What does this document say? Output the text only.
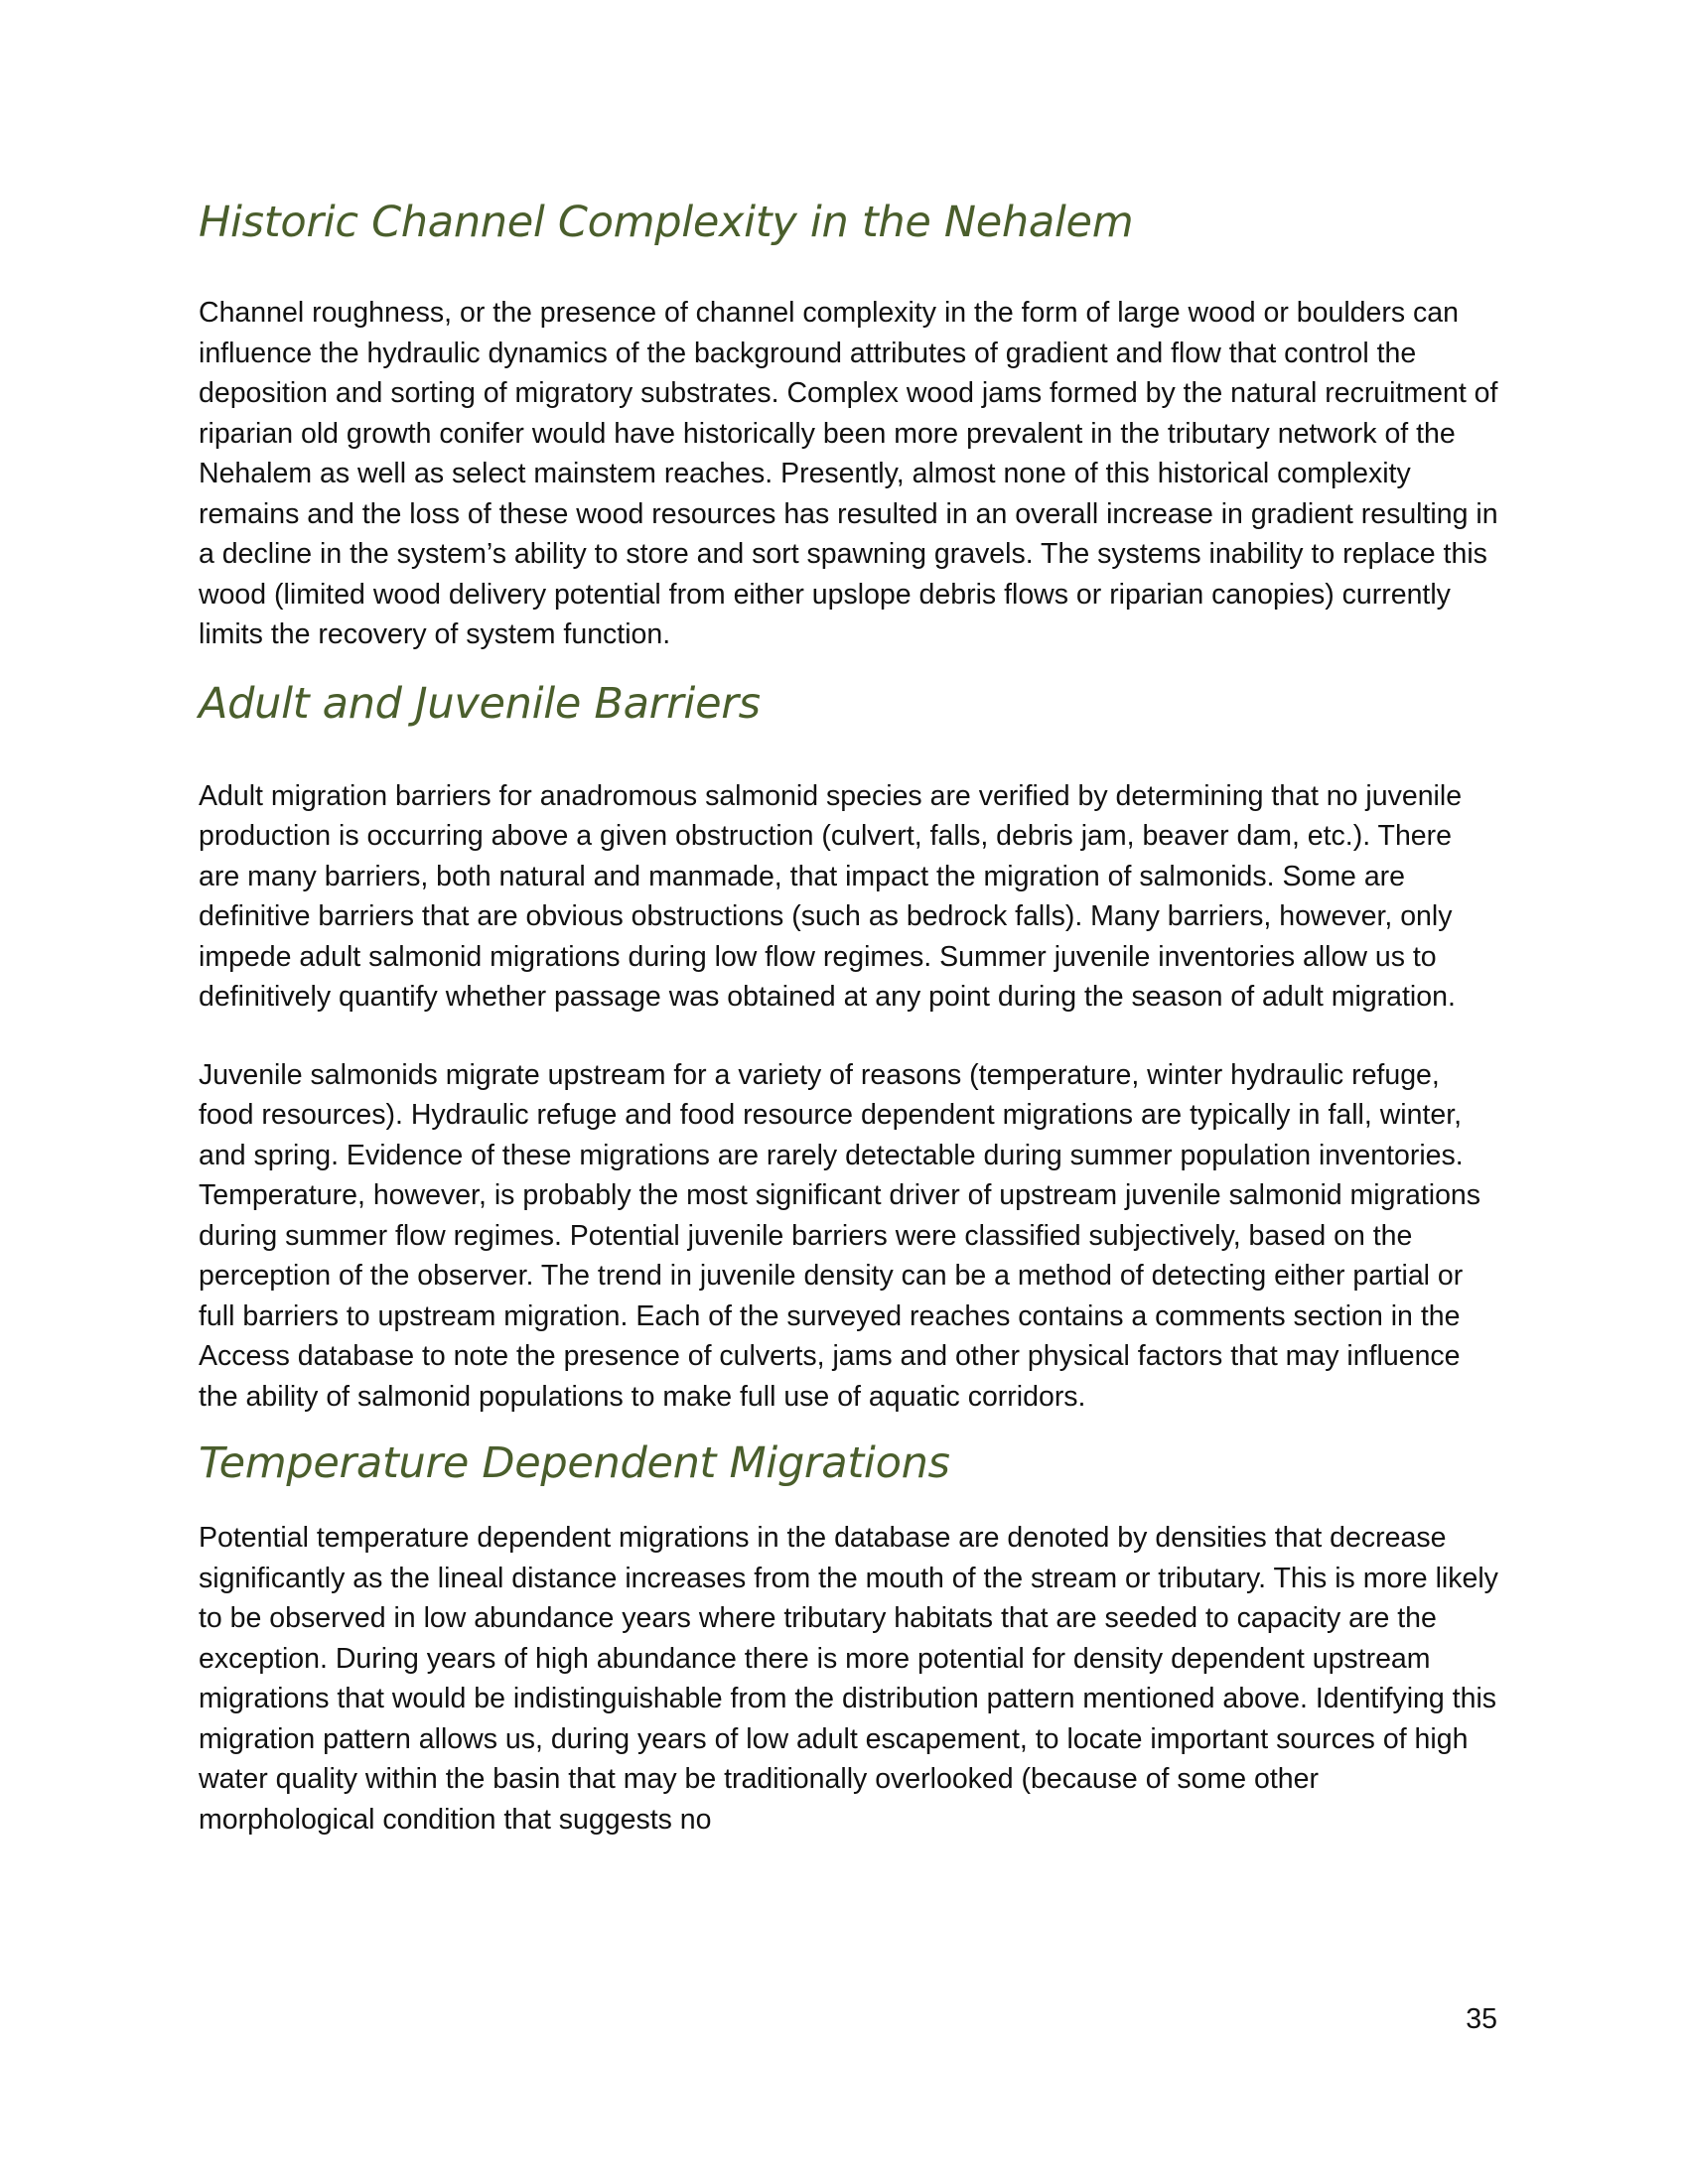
Historic Channel Complexity in the Nehalem

Channel roughness, or the presence of channel complexity in the form of large wood or boulders can influence the hydraulic dynamics of the background attributes of gradient and flow that control the deposition and sorting of migratory substrates. Complex wood jams formed by the natural recruitment of riparian old growth conifer would have historically been more prevalent in the tributary network of the Nehalem as well as select mainstem reaches. Presently, almost none of this historical complexity remains and the loss of these wood resources has resulted in an overall increase in gradient resulting in a decline in the system’s ability to store and sort spawning gravels. The systems inability to replace this wood (limited wood delivery potential from either upslope debris flows or riparian canopies) currently limits the recovery of system function.

Adult and Juvenile Barriers

Adult migration barriers for anadromous salmonid species are verified by determining that no juvenile production is occurring above a given obstruction (culvert, falls, debris jam, beaver dam, etc.). There are many barriers, both natural and manmade, that impact the migration of salmonids. Some are definitive barriers that are obvious obstructions (such as bedrock falls). Many barriers, however, only impede adult salmonid migrations during low flow regimes. Summer juvenile inventories allow us to definitively quantify whether passage was obtained at any point during the season of adult migration.

Juvenile salmonids migrate upstream for a variety of reasons (temperature, winter hydraulic refuge, food resources). Hydraulic refuge and food resource dependent migrations are typically in fall, winter, and spring. Evidence of these migrations are rarely detectable during summer population inventories. Temperature, however, is probably the most significant driver of upstream juvenile salmonid migrations during summer flow regimes. Potential juvenile barriers were classified subjectively, based on the perception of the observer. The trend in juvenile density can be a method of detecting either partial or full barriers to upstream migration. Each of the surveyed reaches contains a comments section in the Access database to note the presence of culverts, jams and other physical factors that may influence the ability of salmonid populations to make full use of aquatic corridors.

Temperature Dependent Migrations

Potential temperature dependent migrations in the database are denoted by densities that decrease significantly as the lineal distance increases from the mouth of the stream or tributary. This is more likely to be observed in low abundance years where tributary habitats that are seeded to capacity are the exception. During years of high abundance there is more potential for density dependent upstream migrations that would be indistinguishable from the distribution pattern mentioned above. Identifying this migration pattern allows us, during years of low adult escapement, to locate important sources of high water quality within the basin that may be traditionally overlooked (because of some other morphological condition that suggests no

35
